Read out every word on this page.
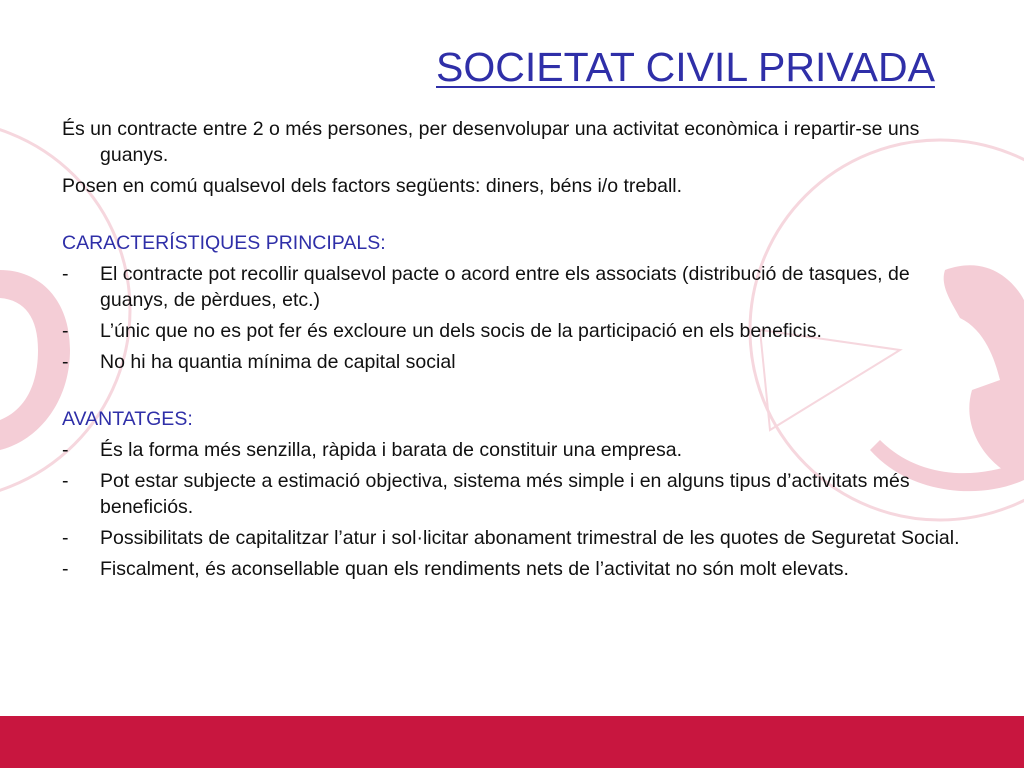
SOCIETAT CIVIL PRIVADA

És un contracte entre 2 o més persones, per desenvolupar una activitat econòmica i repartir-se uns guanys.

Posen en comú qualsevol dels factors següents: diners, béns i/o treball.

CARACTERÍSTIQUES PRINCIPALS:

-	El contracte pot recollir qualsevol pacte o acord entre els associats (distribució de tasques, de guanys, de pèrdues, etc.)
-	L’únic que no es pot fer és excloure un dels socis de la participació en els beneficis.
-	No hi ha quantia mínima de capital social

AVANTATGES:

-	És la forma més senzilla, ràpida i barata de constituir una empresa.
-	Pot estar subjecte a estimació objectiva, sistema més simple i en alguns tipus d’activitats més beneficiós.
-	Possibilitats de capitalitzar l’atur i sol·licitar abonament trimestral de les quotes de Seguretat Social.
-	Fiscalment, és aconsellable quan els rendiments nets de l’activitat no són molt elevats.
